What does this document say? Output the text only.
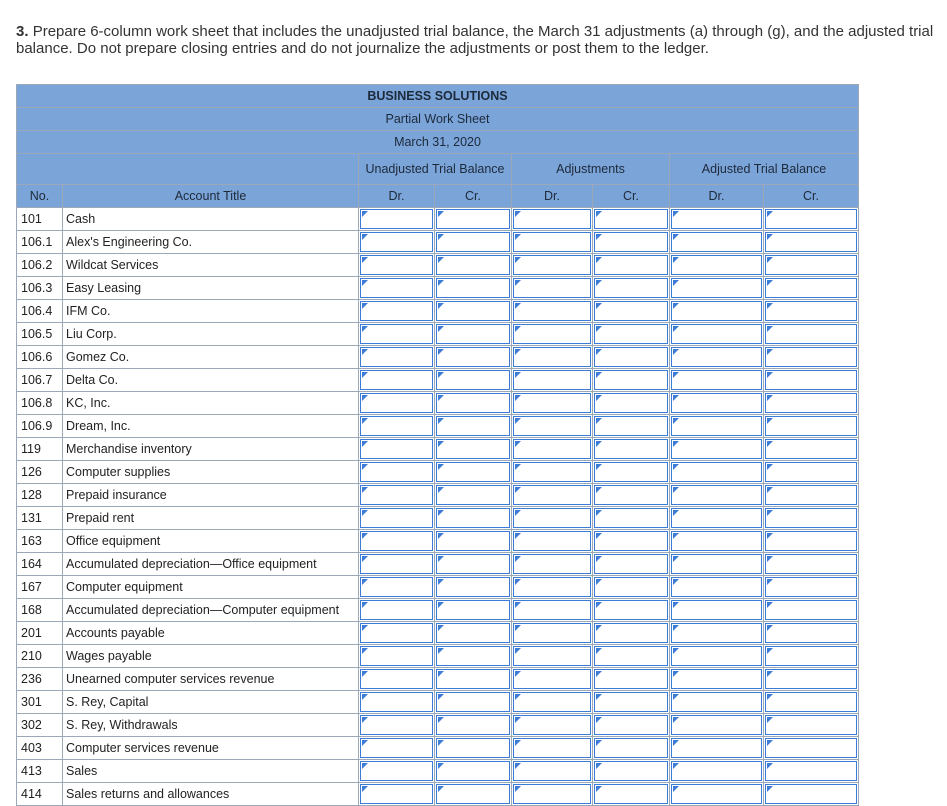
3. Prepare 6-column work sheet that includes the unadjusted trial balance, the March 31 adjustments (a) through (g), and the adjusted trial balance. Do not prepare closing entries and do not journalize the adjustments or post them to the ledger.
BUSINESS SOLUTIONS							
Partial Work Sheet							
March 31, 2020							
		Unadjusted Trial Balance		Adjustments		Adjusted Trial Balance	
No.	Account Title	Dr.	Cr.	Dr.	Cr.	Dr.	Cr.
101	Cash	

106.1	Alex's Engineering Co.	

106.2	Wildcat Services	

106.3	Easy Leasing	

106.4	IFM Co.	

106.5	Liu Corp.	

106.6	Gomez Co.	

106.7	Delta Co.	

106.8	KC, Inc.	

106.9	Dream, Inc.	

119	Merchandise inventory	

126	Computer supplies	

128	Prepaid insurance	

131	Prepaid rent	

163	Office equipment	

164	Accumulated depreciation—Office equipment	

167	Computer equipment	

168	Accumulated depreciation—Computer equipment	

201	Accounts payable	

210	Wages payable	

236	Unearned computer services revenue	

301	S. Rey, Capital	

302	S. Rey, Withdrawals	

403	Computer services revenue	

413	Sales	

414	Sales returns and allowances	
